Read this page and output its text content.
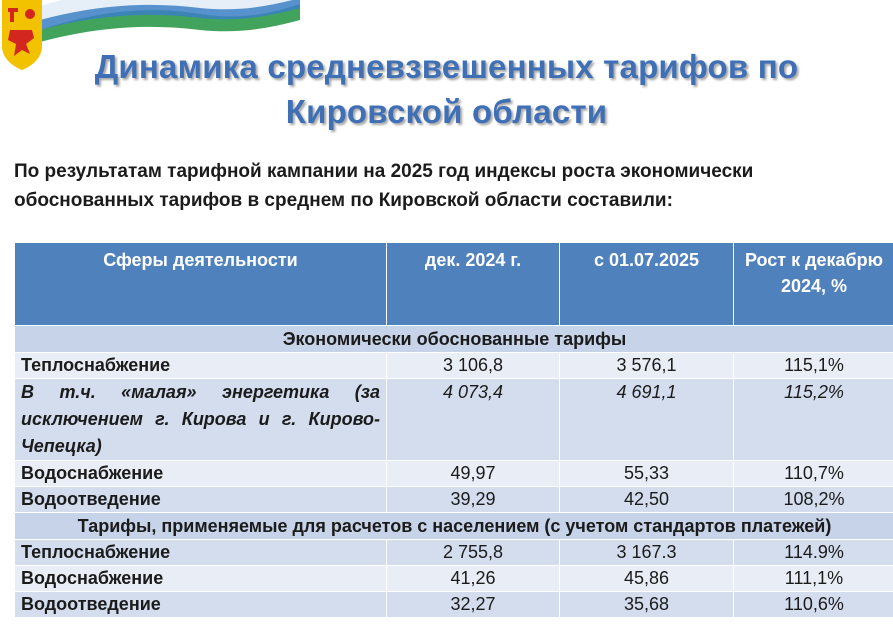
Динамика средневзвешенных тарифов по
Кировской области
По результатам тарифной кампании на 2025 год индексы роста экономически
обоснованных тарифов в среднем по Кировской области составили:
Сферы деятельности	дек. 2024 г.	с 01.07.2025	Рост к декабрю 2024, %
Экономически обоснованные тарифы			
Теплоснабжение	3 106,8	3 576,1	115,1%
В т.ч. «малая» энергетика (за исключением г. Кирова и г. Кирово-Чепецка)	4 073,4	4 691,1	115,2%
Водоснабжение	49,97	55,33	110,7%
Водоотведение	39,29	42,50	108,2%
Тарифы, применяемые для расчетов с населением (с учетом стандартов платежей)			
Теплоснабжение	2 755,8	3 167.3	114.9%
Водоснабжение	41,26	45,86	111,1%
Водоотведение	32,27	35,68	110,6%
